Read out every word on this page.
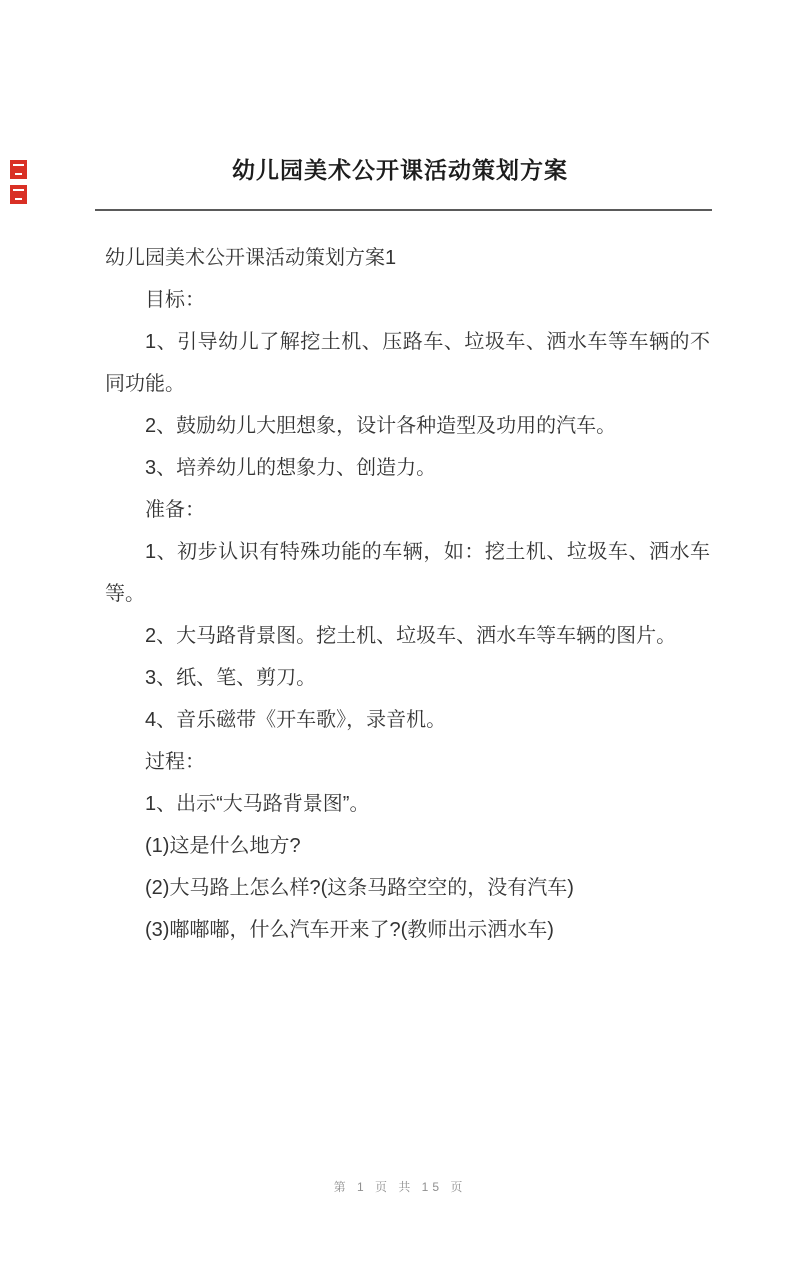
幼儿园美术公开课活动策划方案

幼儿园美术公开课活动策划方案1

目标：

1、引导幼儿了解挖土机、压路车、垃圾车、洒水车等车辆的不同功能。

2、鼓励幼儿大胆想象，设计各种造型及功用的汽车。

3、培养幼儿的想象力、创造力。

准备：

1、初步认识有特殊功能的车辆，如：挖土机、垃圾车、洒水车等。

2、大马路背景图。挖土机、垃圾车、洒水车等车辆的图片。

3、纸、笔、剪刀。

4、音乐磁带《开车歌》，录音机。

过程：

1、出示“大马路背景图”。

(1)这是什么地方?

(2)大马路上怎么样?(这条马路空空的，没有汽车)

(3)嘟嘟嘟，什么汽车开来了?(教师出示洒水车)

第 1 页 共 15 页
